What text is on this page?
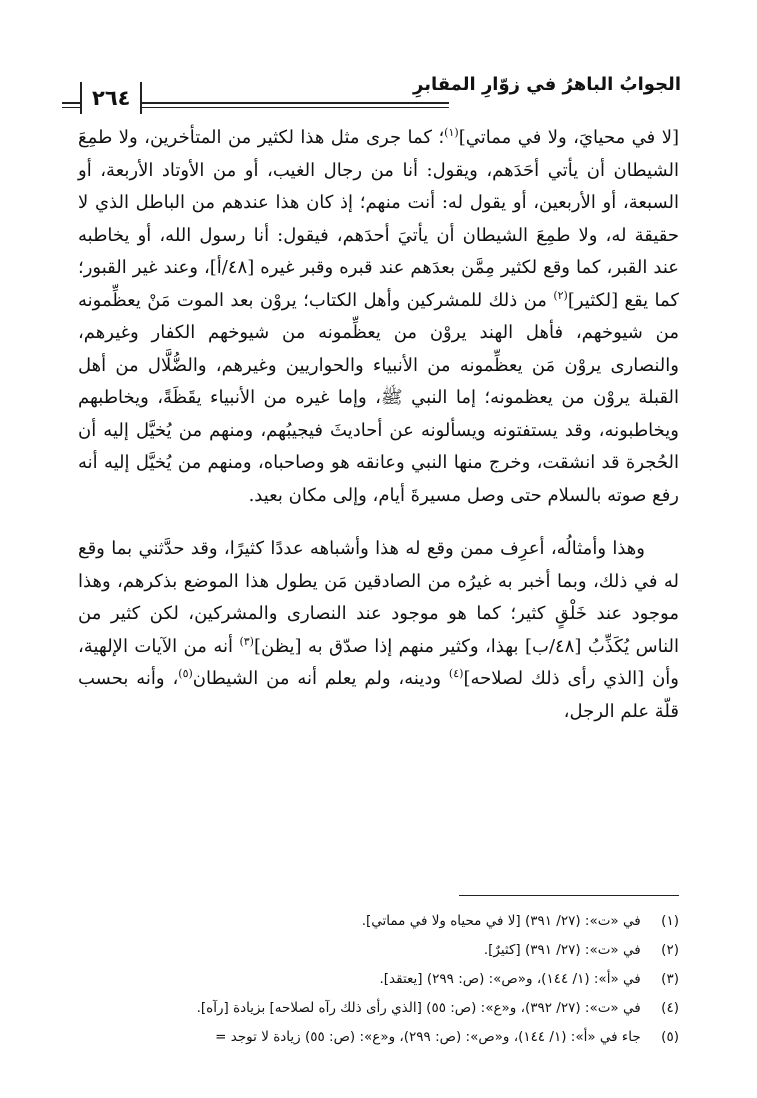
الجوابُ الباهرُ في زوّارِ المقابرِ
٢٦٤

[لا في محيايَ، ولا في مماتي]$^{(١)}$؛ كما جرى مثل هذا لكثير من المتأخرين، ولا طمِعَ الشيطان أن يأتي أحَدَهم، ويقول: أنا من رجال الغيب، أو من الأوتاد الأربعة، أو السبعة، أو الأربعين، أو يقول له: أنت منهم؛ إذ كان هذا عندهم من الباطل الذي لا حقيقة له، ولا طمِعَ الشيطان أن يأتيَ أحدَهم، فيقول: أنا رسول الله، أو يخاطبه عند القبر، كما وقع لكثير مِمَّن بعدَهم عند قبره وقبر غيره [٤٨/أ]، وعند غير القبور؛ كما يقع [لكثير]$^{(٢)}$ من ذلك للمشركين وأهل الكتاب؛ يروْن بعد الموت مَنْ يعظِّمونه من شيوخهم، فأهل الهند يروْن من يعظِّمونه من شيوخهم الكفار وغيرهم، والنصارى يروْن مَن يعظِّمونه من الأنبياء والحواريين وغيرهم، والضُّلَّال من أهل القبلة يروْن من يعظمونه؛ إما النبي ﷺ، وإما غيره من الأنبياء يقَظَةً، ويخاطبهم ويخاطبونه، وقد يستفتونه ويسألونه عن أحاديثَ فيجيبُهم، ومنهم من يُخيَّل إليه أن الحُجرة قد انشقت، وخرج منها النبي وعانقه هو وصاحباه، ومنهم من يُخيَّل إليه أنه رفع صوته بالسلام حتى وصل مسيرةَ أيام، وإلى مكان بعيد.

وهذا وأمثالُه، أعرِف ممن وقع له هذا وأشباهه عددًا كثيرًا، وقد حدَّثني بما وقع له في ذلك، وبما أخبر به غيرُه من الصادقين مَن يطول هذا الموضع بذكرهم، وهذا موجود عند خَلْقٍ كثير؛ كما هو موجود عند النصارى والمشركين، لكن كثير من الناس يُكَذِّبُ [٤٨/ب] بهذا، وكثير منهم إذا صدّق به [يظن]$^{(٣)}$ أنه من الآيات الإلهية، وأن [الذي رأى ذلك لصلاحه]$^{(٤)}$ ودينه، ولم يعلم أنه من الشيطان$^{(٥)}$، وأنه بحسب قلّة علم الرجل،

(١) في «ت»: (٢٧/ ٣٩١) [لا في محياه ولا في مماتي].
(٢) في «ت»: (٢٧/ ٣٩١) [كثيرٌ].
(٣) في «أ»: (١/ ١٤٤)، و«ص»: (ص: ٢٩٩) [يعتقد].
(٤) في «ت»: (٢٧/ ٣٩٢)، و«ع»: (ص: ٥٥) [الذي رأى ذلك رآه لصلاحه] بزيادة [رآه].
(٥) جاء في «أ»: (١/ ١٤٤)، و«ص»: (ص: ٢٩٩)، و«ع»: (ص: ٥٥) زيادة لا توجد =
